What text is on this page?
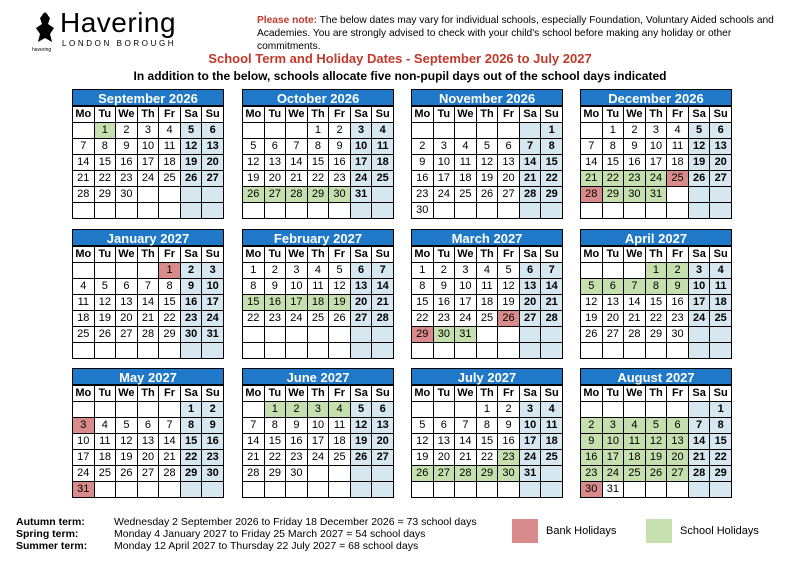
Havering
LONDON BOROUGH
havering
Please note: The below dates may vary for individual schools, especially Foundation, Voluntary Aided schools and Academies. You are strongly advised to check with your child's school before making any holiday or other commitments.
School Term and Holiday Dates - September 2026 to July 2027
In addition to the below, schools allocate five non-pupil days out of the school days indicated
September 2026
Mo	Tu	We	Th	Fr	Sa	Su
	1	2	3	4	5	6
7	8	9	10	11	12	13
14	15	16	17	18	19	20
21	22	23	24	25	26	27
28	29	30				

October 2026
Mo	Tu	We	Th	Fr	Sa	Su
			1	2	3	4
5	6	7	8	9	10	11
12	13	14	15	16	17	18
19	20	21	22	23	24	25
26	27	28	29	30	31	

November 2026
Mo	Tu	We	Th	Fr	Sa	Su
						1
2	3	4	5	6	7	8
9	10	11	12	13	14	15
16	17	18	19	20	21	22
23	24	25	26	27	28	29
30						
December 2026
Mo	Tu	We	Th	Fr	Sa	Su
	1	2	3	4	5	6
7	8	9	10	11	12	13
14	15	16	17	18	19	20
21	22	23	24	25	26	27
28	29	30	31			

January 2027
Mo	Tu	We	Th	Fr	Sa	Su
				1	2	3
4	5	6	7	8	9	10
11	12	13	14	15	16	17
18	19	20	21	22	23	24
25	26	27	28	29	30	31

February 2027
Mo	Tu	We	Th	Fr	Sa	Su
1	2	3	4	5	6	7
8	9	10	11	12	13	14
15	16	17	18	19	20	21
22	23	24	25	26	27	28

March 2027
Mo	Tu	We	Th	Fr	Sa	Su
1	2	3	4	5	6	7
8	9	10	11	12	13	14
15	16	17	18	19	20	21
22	23	24	25	26	27	28
29	30	31				

April 2027
Mo	Tu	We	Th	Fr	Sa	Su
			1	2	3	4
5	6	7	8	9	10	11
12	13	14	15	16	17	18
19	20	21	22	23	24	25
26	27	28	29	30		

May 2027
Mo	Tu	We	Th	Fr	Sa	Su
					1	2
3	4	5	6	7	8	9
10	11	12	13	14	15	16
17	18	19	20	21	22	23
24	25	26	27	28	29	30
31						
June 2027
Mo	Tu	We	Th	Fr	Sa	Su
	1	2	3	4	5	6
7	8	9	10	11	12	13
14	15	16	17	18	19	20
21	22	23	24	25	26	27
28	29	30				

July 2027
Mo	Tu	We	Th	Fr	Sa	Su
			1	2	3	4
5	6	7	8	9	10	11
12	13	14	15	16	17	18
19	20	21	22	23	24	25
26	27	28	29	30	31	

August 2027
Mo	Tu	We	Th	Fr	Sa	Su
						1
2	3	4	5	6	7	8
9	10	11	12	13	14	15
16	17	18	19	20	21	22
23	24	25	26	27	28	29
30	31					
Autumn term:	Wednesday 2 September 2026 to Friday 18 December 2026 = 73 school days
Spring term:	Monday 4 January 2027 to Friday 25 March 2027 = 54 school days
Summer term:	Monday 12 April 2027 to Thursday 22 July 2027 = 68 school days
Bank Holidays	School Holidays
